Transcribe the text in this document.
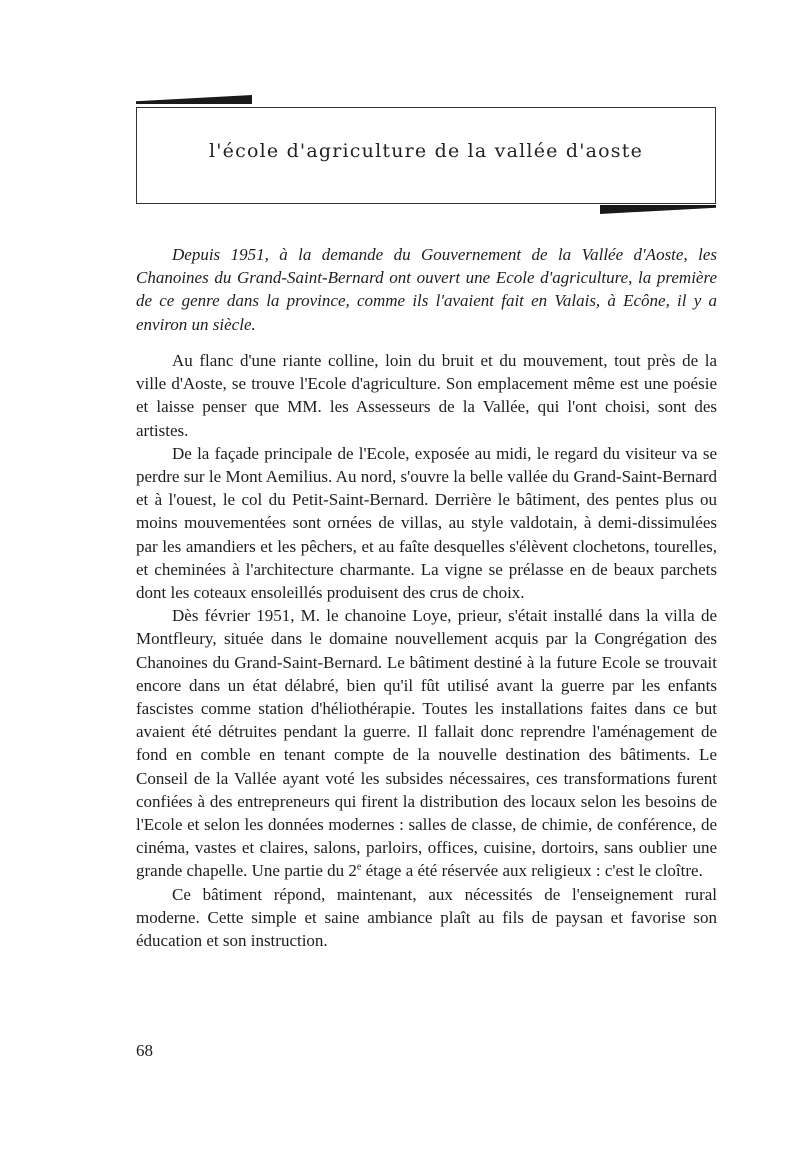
l'école d'agriculture de la vallée d'aoste

Depuis 1951, à la demande du Gouvernement de la Vallée d'Aoste, les Chanoines du Grand-Saint-Bernard ont ouvert une Ecole d'agriculture, la première de ce genre dans la province, comme ils l'avaient fait en Valais, à Ecône, il y a environ un siècle.

Au flanc d'une riante colline, loin du bruit et du mouvement, tout près de la ville d'Aoste, se trouve l'Ecole d'agriculture. Son emplacement même est une poésie et laisse penser que MM. les Assesseurs de la Vallée, qui l'ont choisi, sont des artistes.

De la façade principale de l'Ecole, exposée au midi, le regard du visiteur va se perdre sur le Mont Aemilius. Au nord, s'ouvre la belle vallée du Grand-Saint-Bernard et à l'ouest, le col du Petit-Saint-Bernard. Derrière le bâtiment, des pentes plus ou moins mouvementées sont ornées de villas, au style valdotain, à demi-dissimulées par les amandiers et les pêchers, et au faîte desquelles s'élèvent clochetons, tourelles, et cheminées à l'architecture charmante. La vigne se prélasse en de beaux parchets dont les coteaux ensoleillés produisent des crus de choix.

Dès février 1951, M. le chanoine Loye, prieur, s'était installé dans la villa de Montfleury, située dans le domaine nouvellement acquis par la Congrégation des Chanoines du Grand-Saint-Bernard. Le bâtiment destiné à la future Ecole se trouvait encore dans un état délabré, bien qu'il fût utilisé avant la guerre par les enfants fascistes comme station d'héliothérapie. Toutes les installations faites dans ce but avaient été détruites pendant la guerre. Il fallait donc reprendre l'aménagement de fond en comble en tenant compte de la nouvelle destination des bâtiments. Le Conseil de la Vallée ayant voté les subsides nécessaires, ces transformations furent confiées à des entrepreneurs qui firent la distribution des locaux selon les besoins de l'Ecole et selon les données modernes : salles de classe, de chimie, de conférence, de cinéma, vastes et claires, salons, parloirs, offices, cuisine, dortoirs, sans oublier une grande chapelle. Une partie du 2e étage a été réservée aux religieux : c'est le cloître.

Ce bâtiment répond, maintenant, aux nécessités de l'enseignement rural moderne. Cette simple et saine ambiance plaît au fils de paysan et favorise son éducation et son instruction.

68
